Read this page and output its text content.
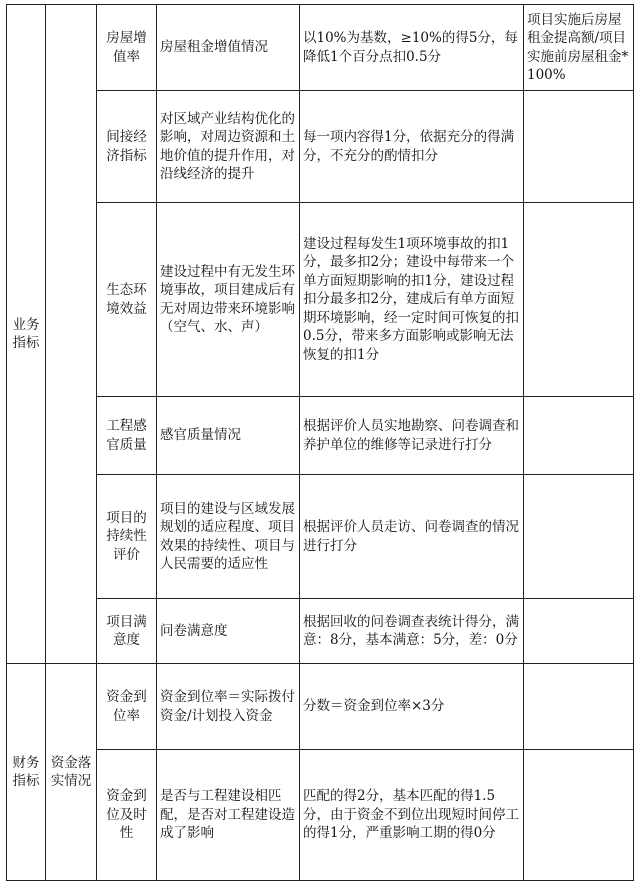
业务指标		房屋增值率	房屋租金增值情况	以10%为基数，≥10%的得5分，每降低1个百分点扣0.5分	项目实施后房屋租金提高额/项目实施前房屋租金*100%
		间接经济指标	对区域产业结构优化的影响，对周边资源和土地价值的提升作用，对沿线经济的提升	每一项内容得1分，依据充分的得满分，不充分的酌情扣分	
		生态环境效益	建设过程中有无发生环境事故，项目建成后有无对周边带来环境影响（空气、水、声）	建设过程每发生1项环境事故的扣1分，最多扣2分；建设中每带来一个单方面短期影响的扣1分，建设过程扣分最多扣2分，建成后有单方面短期环境影响，经一定时间可恢复的扣0.5分，带来多方面影响或影响无法恢复的扣1分	
		工程感官质量	感官质量情况	根据评价人员实地勘察、问卷调查和养护单位的维修等记录进行打分	
		项目的持续性评价	项目的建设与区域发展规划的适应程度、项目效果的持续性、项目与人民需要的适应性	根据评价人员走访、问卷调查的情况进行打分	
		项目满意度	问卷满意度	根据回收的问卷调查表统计得分，满意：8分，基本满意：5分，差：0分	
财务指标	资金落实情况	资金到位率	资金到位率＝实际拨付资金/计划投入资金	分数＝资金到位率×3分	
		资金到位及时性	是否与工程建设相匹配，是否对工程建设造成了影响	匹配的得2分，基本匹配的得1.5分，由于资金不到位出现短时间停工的得1分，严重影响工期的得0分	
